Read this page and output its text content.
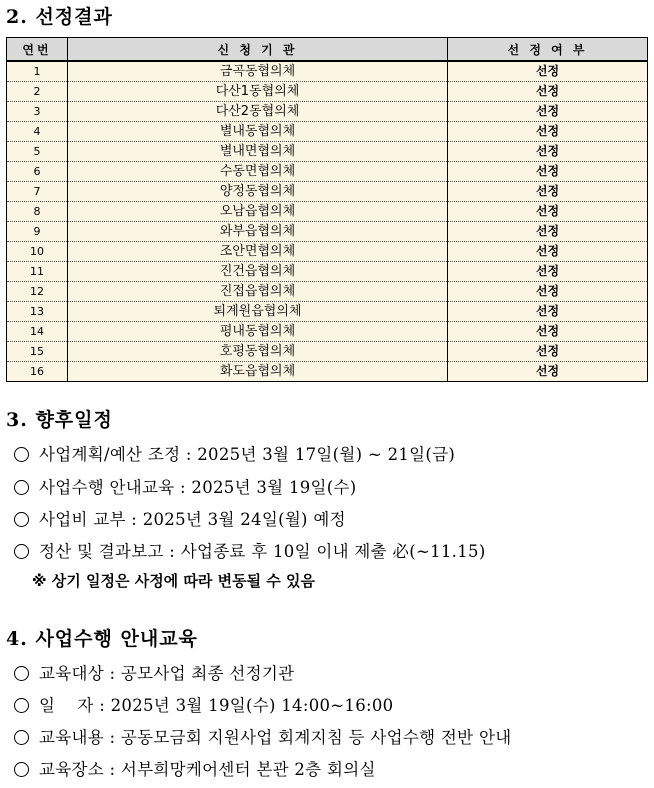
2. 선정결과
연번	신 청 기 관	선 정 여 부
1	금곡동협의체	선정
2	다산1동협의체	선정
3	다산2동협의체	선정
4	별내동협의체	선정
5	별내면협의체	선정
6	수동면협의체	선정
7	양정동협의체	선정
8	오남읍협의체	선정
9	와부읍협의체	선정
10	조안면협의체	선정
11	진건읍협의체	선정
12	진접읍협의체	선정
13	퇴계원읍협의체	선정
14	평내동협의체	선정
15	호평동협의체	선정
16	화도읍협의체	선정
3. 향후일정
사업계획/예산 조정 : 2025년 3월 17일(월) ~ 21일(금)
사업수행 안내교육 : 2025년 3월 19일(수)
사업비 교부 : 2025년 3월 24일(월) 예정
정산 및 결과보고 : 사업종료 후 10일 이내 제출 必(~11.15)
※ 상기 일정은 사정에 따라 변동될 수 있음
4. 사업수행 안내교육
교육대상 : 공모사업 최종 선정기관
일    자 : 2025년 3월 19일(수) 14:00~16:00
교육내용 : 공동모금회 지원사업 회계지침 등 사업수행 전반 안내
교육장소 : 서부희망케어센터 본관 2층 회의실
